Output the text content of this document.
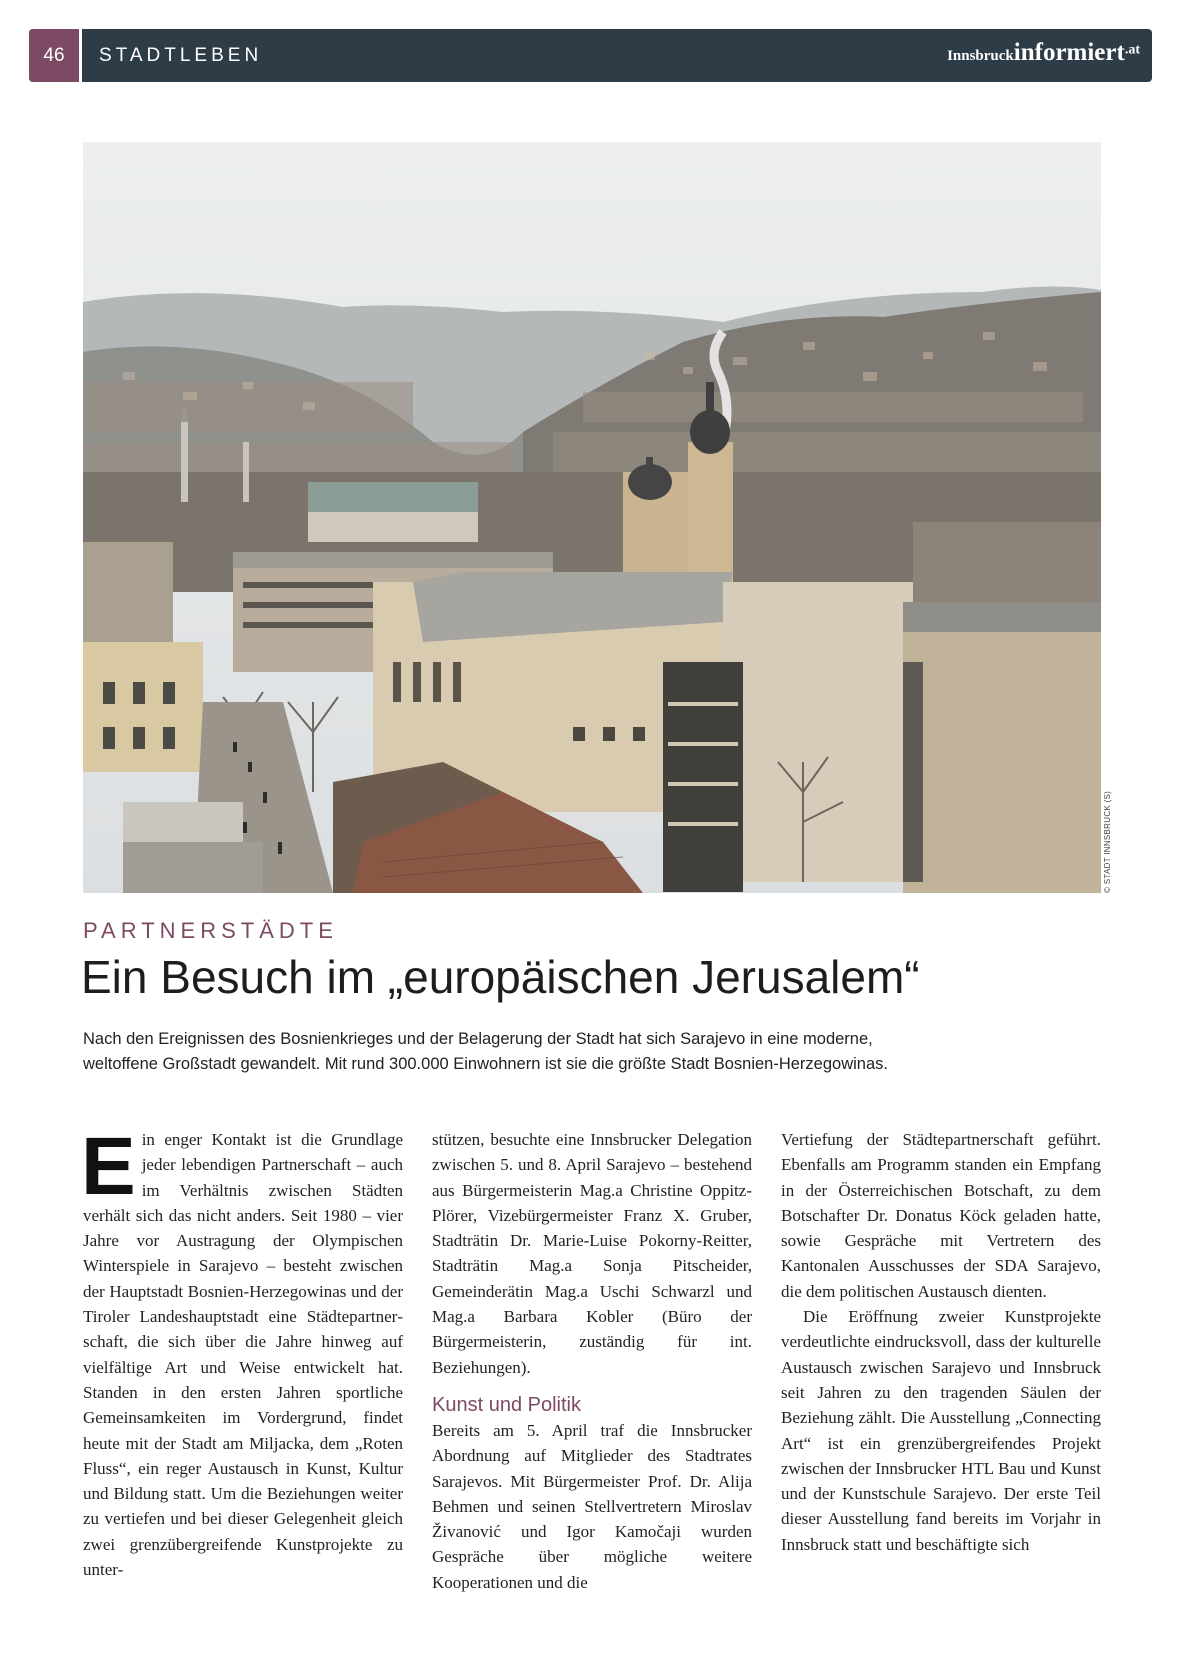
46	STADTLEBEN	Innsbruckinformiert.at
© STADT INNSBRUCK (S)
PARTNERSTÄDTE
Ein Besuch im „europäischen Jerusalem“
Nach den Ereignissen des Bosnienkrieges und der Belagerung der Stadt hat sich Sarajevo in eine moderne,
weltoffene Großstadt gewandelt. Mit rund 300.000 Einwohnern ist sie die größte Stadt Bosnien-Herzegowinas.
E in enger Kontakt ist die Grundlage jeder lebendigen Partnerschaft – auch im Verhältnis zwischen Städten verhält sich das nicht anders. Seit 1980 – vier Jahre vor Austragung der Olympischen Winterspiele in Sarajevo – besteht zwischen der Hauptstadt Bosnien-Herzegowinas und der Tiroler Landeshauptstadt eine Städtepartnerschaft, die sich über die Jahre hinweg auf vielfältige Art und Weise entwickelt hat. Standen in den ersten Jahren sportliche Gemeinsamkeiten im Vordergrund, findet heute mit der Stadt am Miljacka, dem „Roten Fluss“, ein reger Austausch in Kunst, Kultur und Bildung statt. Um die Beziehungen weiter zu vertiefen und bei dieser Gelegenheit gleich zwei grenzübergreifende Kunstprojekte zu unter-

stützen, besuchte eine Innsbrucker Delegation zwischen 5. und 8. April Sarajevo – bestehend aus Bürgermeisterin Mag.a Christine Oppitz-Plörer, Vizebürgermeister Franz X. Gruber, Stadträtin Dr. Marie-Luise Pokorny-Reitter, Stadträtin Mag.a Sonja Pitscheider, Gemeinderätin Mag.a Uschi Schwarzl und Mag.a Barbara Kobler (Büro der Bürgermeisterin, zuständig für int. Beziehungen).

Kunst und Politik

Bereits am 5. April traf die Innsbrucker Abordnung auf Mitglieder des Stadtrates Sarajevos. Mit Bürgermeister Prof. Dr. Alija Behmen und seinen Stellvertretern Miroslav Živanović und Igor Kamočaji wurden Gespräche über mögliche weitere Kooperationen und die

Vertiefung der Städtepartnerschaft geführt. Ebenfalls am Programm standen ein Empfang in der Österreichischen Botschaft, zu dem Botschafter Dr. Donatus Köck geladen hatte, sowie Gespräche mit Vertretern des Kantonalen Ausschusses der SDA Sarajevo, die dem politischen Austausch dienten.

Die Eröffnung zweier Kunstprojekte verdeutlichte eindrucksvoll, dass der kulturelle Austausch zwischen Sarajevo und Innsbruck seit Jahren zu den tragenden Säulen der Beziehung zählt. Die Ausstellung „Connecting Art“ ist ein grenzübergreifendes Projekt zwischen der Innsbrucker HTL Bau und Kunst und der Kunstschule Sarajevo. Der erste Teil dieser Ausstellung fand bereits im Vorjahr in Innsbruck statt und beschäftigte sich
